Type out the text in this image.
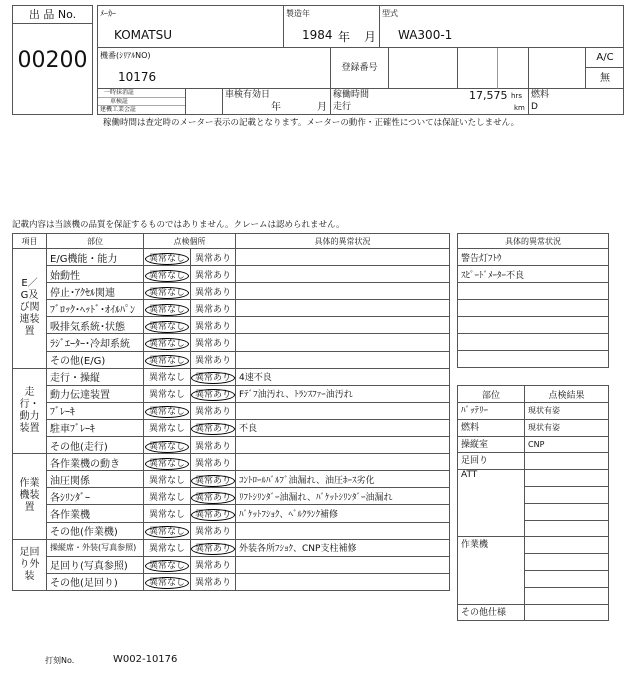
出 品 No.
00200
ﾒｰｶｰ
KOMATSU
製造年
1984 年 月
型式
WA300-1
機番(ｼﾘｱﾙNO)
10176
登録番号
A/C
無
一時抹消証
車検証
建機工業会証
車検有効日
年	月
稼働時間	17,575 hrs
走行	km
燃料
D
稼働時間は査定時のメーター表示の記載となります。メーターの動作・正確性については保証いたしません。
記載内容は当該機の品質を保証するものではありません。クレームは認められません。
項目	部位	点検個所		具体的異常状況
E／G及び関連装置	E/G機能・能力	異常なし	異常あり	
	始動性	異常なし	異常あり	
	停止･ｱｸｾﾙ関連	異常なし	異常あり	
	ﾌﾞﾛｯｸ･ﾍｯﾄﾞ･ｵｲﾙﾊﾟﾝ	異常なし	異常あり	
	吸排気系統･状態	異常なし	異常あり	
	ﾗｼﾞｴｰﾀｰ･冷却系統	異常なし	異常あり	
	その他(E/G)	異常なし	異常あり	
走行・動力装置	走行・操縦	異常なし	異常あり	4速不良
	動力伝達装置	異常なし	異常あり	Fﾃﾞﾌ油汚れ、ﾄﾗﾝｽﾌｧｰ油汚れ
	ﾌﾞﾚｰｷ	異常なし	異常あり	
	駐車ﾌﾞﾚｰｷ	異常なし	異常あり	不良
	その他(走行)	異常なし	異常あり	
作業機装置	各作業機の動き	異常なし	異常あり	
	油圧関係	異常なし	異常あり	ｺﾝﾄﾛｰﾙﾊﾞﾙﾌﾞ油漏れ、油圧ﾎｰｽ劣化
	各ｼﾘﾝﾀﾞｰ	異常なし	異常あり	ﾘﾌﾄｼﾘﾝﾀﾞｰ油漏れ、ﾊﾞｹｯﾄｼﾘﾝﾀﾞｰ油漏れ
	各作業機	異常なし	異常あり	ﾊﾞｹｯﾄﾌｼｮｸ、ﾍﾞﾙｸﾗﾝｸ補修
	その他(作業機)	異常なし	異常あり	
足回り外装	操縦席・外装(写真参照)	異常なし	異常あり	外装各所ﾌｼｮｸ、CNP支柱補修
	足回り(写真参照)	異常なし	異常あり	
	その他(足回り)	異常なし	異常あり	
具体的異常状況
警告灯ﾌﾄｳ
ｽﾋﾟｰﾄﾞﾒｰﾀｰ不良

部位	点検結果
ﾊﾞｯﾃﾘｰ	現状有姿
燃料	現状有姿
操縦室	CNP
足回り	
ATT	

作業機	

その他仕様	
打刻No.	W002-10176
